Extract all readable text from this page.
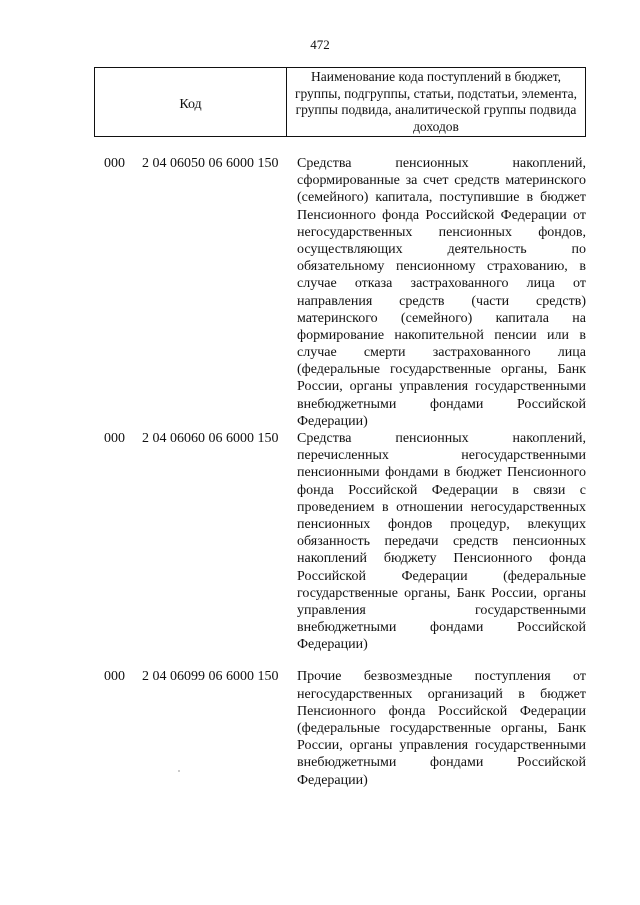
472
Код
Наименование кода поступлений в бюджет, группы, подгруппы, статьи, подстатьи, элемента, группы подвида, аналитической группы подвида доходов
000 2 04 06050 06 6000 150 Средства пенсионных накоплений,
сформированные за счет средств материнского
(семейного) капитала, поступившие в бюджет
Пенсионного фонда Российской Федерации от
негосударственных пенсионных фондов,
осуществляющих деятельность по
обязательному пенсионному страхованию, в
случае отказа застрахованного лица от
направления средств (части средств)
материнского (семейного) капитала на
формирование накопительной пенсии или в
случае смерти застрахованного лица
(федеральные государственные органы, Банк
России, органы управления государственными
внебюджетными фондами Российской
Федерации)
000 2 04 06060 06 6000 150 Средства пенсионных накоплений,
перечисленных негосударственными
пенсионными фондами в бюджет Пенсионного
фонда Российской Федерации в связи с
проведением в отношении негосударственных
пенсионных фондов процедур, влекущих
обязанность передачи средств пенсионных
накоплений бюджету Пенсионного фонда
Российской Федерации (федеральные
государственные органы, Банк России, органы
управления государственными
внебюджетными фондами Российской
Федерации)
000 2 04 06099 06 6000 150 Прочие безвозмездные поступления от
негосударственных организаций в бюджет
Пенсионного фонда Российской Федерации
(федеральные государственные органы, Банк
России, органы управления государственными
внебюджетными фондами Российской
Федерации)
